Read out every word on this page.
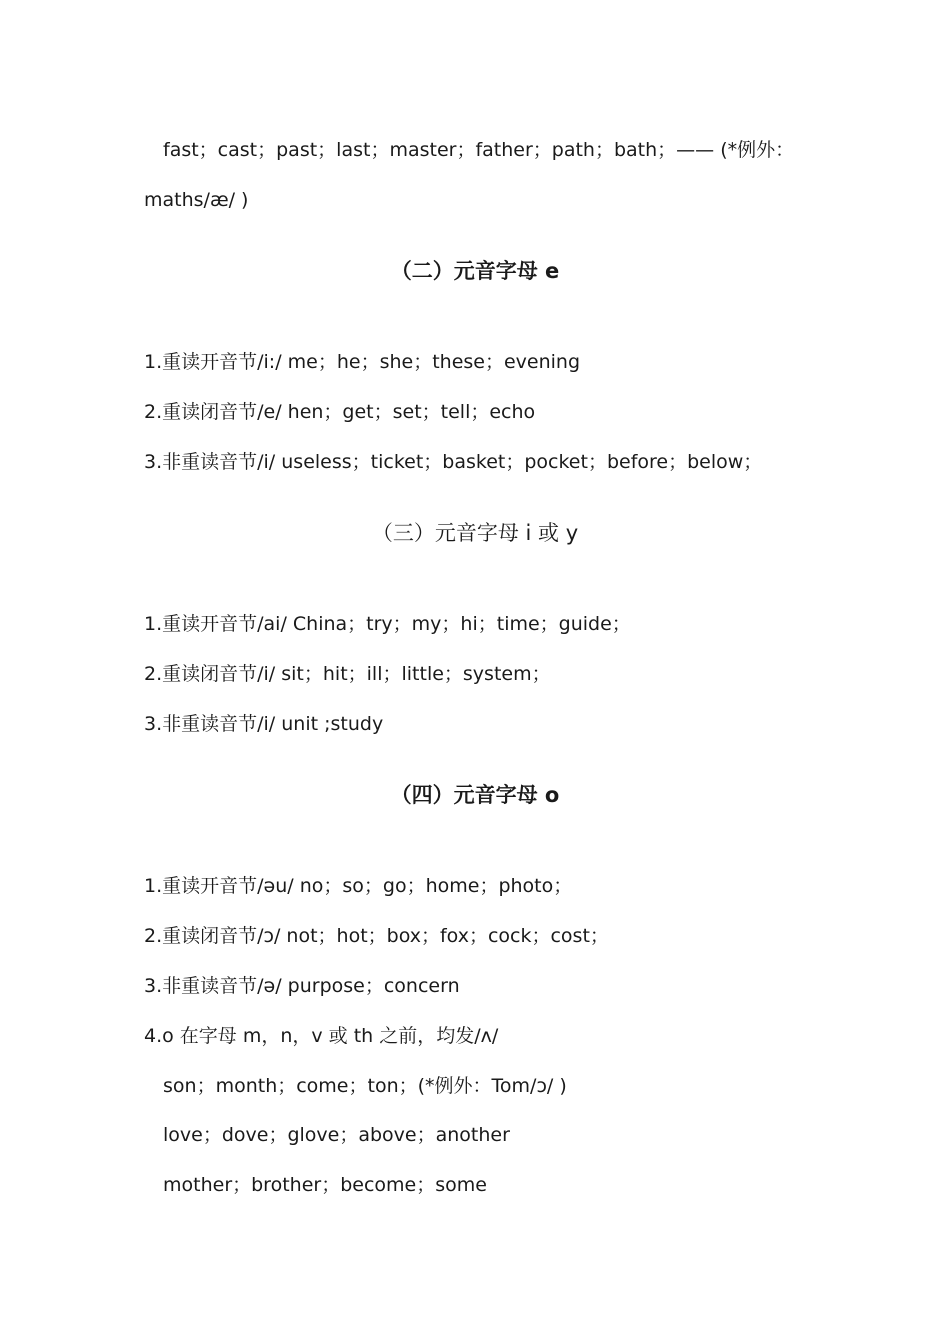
fast；cast；past；last；master；father；path；bath；—— (*例外：
maths/æ/ )
（二）元音字母 e
1.重读开音节/i:/ me；he；she；these；evening
2.重读闭音节/e/ hen；get；set；tell；echo
3.非重读音节/i/ useless；ticket；basket；pocket；before；below；
（三）元音字母 i 或 y
1.重读开音节/ai/ China；try；my；hi；time；guide；
2.重读闭音节/i/ sit；hit；ill；little；system；
3.非重读音节/i/ unit ;study
（四）元音字母 o
1.重读开音节/əu/ no；so；go；home；photo；
2.重读闭音节/ɔ/ not；hot；box；fox；cock；cost；
3.非重读音节/ə/ purpose；concern
4.o 在字母 m，n，v 或 th 之前，均发/ʌ/
son；month；come；ton；(*例外：Tom/ɔ/ )
love；dove；glove；above；another
mother；brother；become；some
